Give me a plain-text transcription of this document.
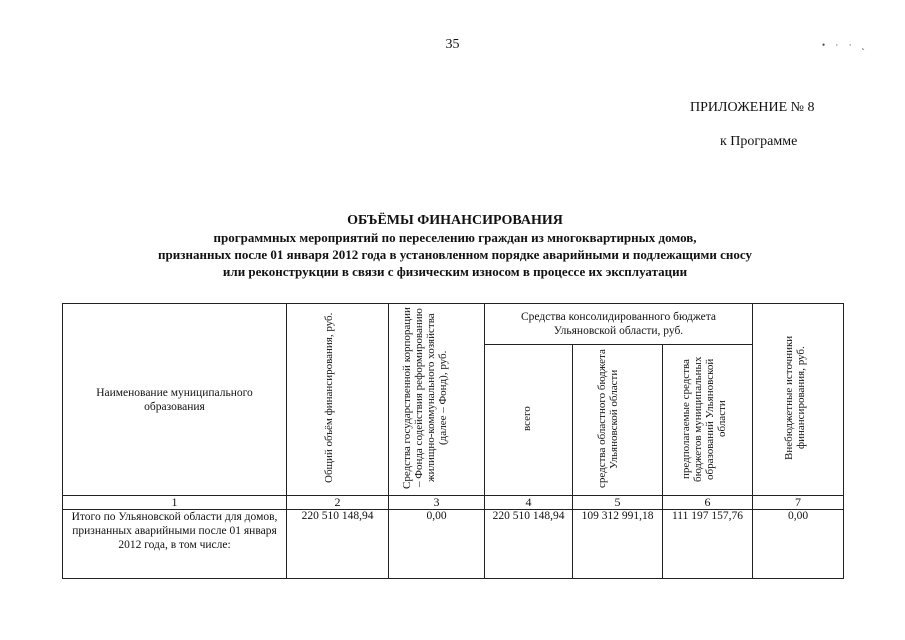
35	• · · ˛
ПРИЛОЖЕНИЕ № 8
к Программе
ОБЪЁМЫ ФИНАНСИРОВАНИЯ
программных мероприятий по переселению граждан из многоквартирных домов,
признанных после 01 января 2012 года в установленном порядке аварийными и подлежащими сносу
или реконструкции в связи с физическим износом в процессе их эксплуатации
Наименование муниципального образования	Общий объём финансирования, руб.	Средства государственной корпорации – Фонда содействия реформированию жилищно-коммунального хозяйства (далее – Фонд), руб.	Средства консолидированного бюджета Ульяновской области, руб.			Внебюджетные источники финансирования, руб.
			всего	средства областного бюджета Ульяновской области	предполагаемые средства бюджетов муниципальных образований Ульяновской области	
1	2	3	4	5	6	7
Итого по Ульяновской области для домов, признанных аварийными после 01 января 2012 года, в том числе:	220 510 148,94	0,00	220 510 148,94	109 312 991,18	111 197 157,76	0,00
